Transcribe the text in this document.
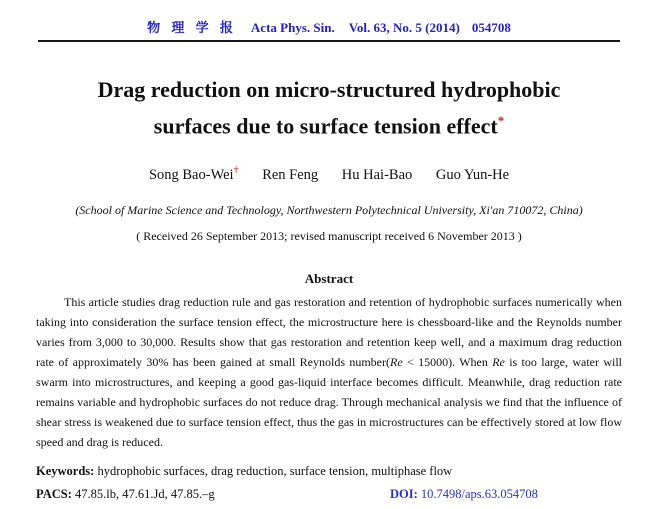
物 理 学 报 Acta Phys. Sin. Vol. 63, No. 5 (2014) 054708
Drag reduction on micro-structured hydrophobic
surfaces due to surface tension effect*
Song Bao-Wei† Ren Feng Hu Hai-Bao Guo Yun-He
(School of Marine Science and Technology, Northwestern Polytechnical University, Xi'an 710072, China)
( Received 26 September 2013; revised manuscript received 6 November 2013 )
Abstract

This article studies drag reduction rule and gas restoration and retention of hydrophobic surfaces numerically when taking into consideration the surface tension effect, the microstructure here is chessboard-like and the Reynolds number varies from 3,000 to 30,000. Results show that gas restoration and retention keep well, and a maximum drag reduction rate of approximately 30% has been gained at small Reynolds number(Re < 15000). When Re is too large, water will swarm into microstructures, and keeping a good gas-liquid interface becomes difficult. Meanwhile, drag reduction rate remains variable and hydrophobic surfaces do not reduce drag. Through mechanical analysis we find that the influence of shear stress is weakened due to surface tension effect, thus the gas in microstructures can be effectively stored at low flow speed and drag is reduced.

Keywords: hydrophobic surfaces, drag reduction, surface tension, multiphase flow
PACS: 47.85.lb, 47.61.Jd, 47.85.–g	DOI: 10.7498/aps.63.054708
